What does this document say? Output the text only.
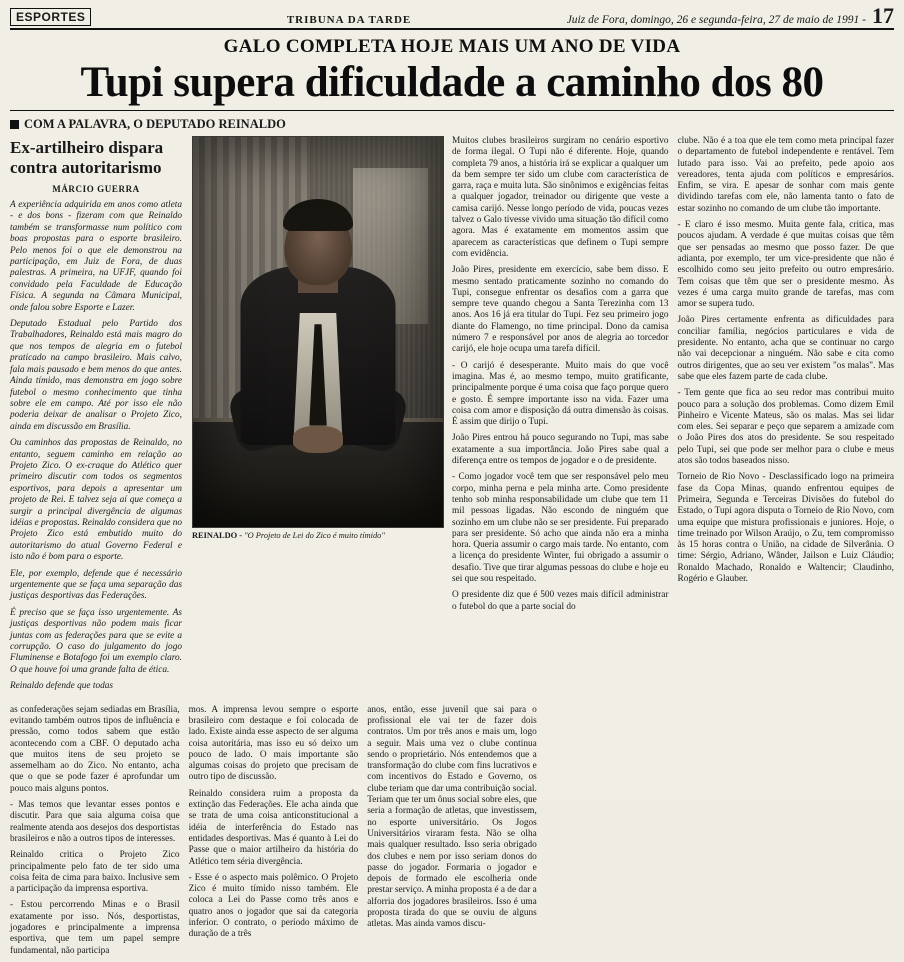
ESPORTES	TRIBUNA DA TARDE	Juiz de Fora, domingo, 26 e segunda-feira, 27 de maio de 1991 - 17
GALO COMPLETA HOJE MAIS UM ANO DE VIDA
Tupi supera dificuldade a caminho dos 80
COM A PALAVRA, O DEPUTADO REINALDO
Ex-artilheiro dispara contra autoritarismo
MÁRCIO GUERRA
A experiência adquirida em anos como atleta - e dos bons - fizeram com que Reinaldo também se transformasse num político com boas propostas para o esporte brasileiro. Pelo menos foi o que ele demonstrou na participação, em Juiz de Fora, de duas palestras. A primeira, na UFJF, quando foi convidado pela Faculdade de Educação Física. A segunda na Câmara Municipal, onde falou sobre Esporte e Lazer.
Deputado Estadual pelo Partido dos Trabalhadores, Reinaldo está mais magro do que nos tempos de alegria em o futebol praticado na campo brasileiro. Mais calvo, fala mais pausado e bem menos do que antes. Ainda tímido, mas demonstra em jogo sobre futebol o mesmo conhecimento que tinha sobre ele em campo. Até por isso ele não poderia deixar de analisar o Projeto Zico, ainda em discussão em Brasília.
Ou caminhos das propostas de Reinaldo, no entanto, seguem caminho em relação ao Projeto Zico. O ex-craque do Atlético quer primeiro discutir com todos os segmentos esportivos, para depois a apresentar um projeto de Rei. E talvez seja aí que começa a surgir a principal divergência de algumas idéias e propostas. Reinaldo considera que no Projeto Zico está embutido muito do autoritarismo do atual Governo Federal e isto não é bom para o esporte.
Ele, por exemplo, defende que é necessário urgentemente que se faça uma separação das justiças desportivas das Federações.
É preciso que se faça isso urgentemente. As justiças desportivas não podem mais ficar juntas com as federações para que se evite a corrupção. O caso do julgamento do jogo Fluminense e Botafogo foi um exemplo claro. O que houve foi uma grande falta de ética.
Reinaldo defende que todas
REINALDO - "O Projeto de Lei do Zico é muito tímido"
Muitos clubes brasileiros surgiram no cenário esportivo de forma ilegal. O Tupi não é diferente. Hoje, quando completa 79 anos, a história irá se explicar a qualquer um da bem sempre ter sido um clube com característica de garra, raça e muita luta. São sinônimos e exigências feitas a qualquer jogador, treinador ou dirigente que veste a camisa carijó. Nesse longo período de vida, poucas vezes talvez o Galo tivesse vivido uma situação tão difícil como agora. Mas é exatamente em momentos assim que aparecem as características que definem o Tupi sempre com evidência.
João Pires, presidente em exercício, sabe bem disso. E mesmo sentado praticamente sozinho no comando do Tupi, consegue enfrentar os desafios com a garra que sempre teve quando chegou a Santa Terezinha com 13 anos. Aos 16 já era titular do Tupi. Fez seu primeiro jogo diante do Flamengo, no time principal. Dono da camisa número 7 e responsável por anos de alegria ao torcedor carijó, ele hoje ocupa uma tarefa difícil.
- O carijó é desesperante. Muito mais do que você imagina. Mas é, ao mesmo tempo, muito gratificante, principalmente porque é uma coisa que faço porque quero e gosto. É sempre importante isso na vida. Fazer uma coisa com amor e disposição dá outra dimensão às coisas. É assim que dirijo o Tupi.
João Pires entrou há pouco segurando no Tupi, mas sabe exatamente a sua importância. João Pires sabe qual a diferença entre os tempos de jogador e o de presidente.
- Como jogador você tem que ser responsável pelo meu corpo, minha perna e pela minha arte. Como presidente tenho sob minha responsabilidade um clube que tem 11 mil pessoas ligadas. Não escondo de ninguém que sozinho em um clube não se ser presidente. Fui preparado para ser presidente. Só acho que ainda não era a minha hora. Queria assumir o cargo mais tarde. No entanto, com a licença do presidente Winter, fui obrigado a assumir o desafio. Tive que tirar algumas pessoas do clube e hoje eu sei que sou respeitado.
O presidente diz que é 500 vezes mais difícil administrar o futebol do que a parte social do
clube. Não é a toa que ele tem como meta principal fazer o departamento de futebol independente e rentável. Tem lutado para isso. Vai ao prefeito, pede apoio aos vereadores, tenta ajuda com políticos e empresários. Enfim, se vira. E apesar de sonhar com mais gente dividindo tarefas com ele, não lamenta tanto o fato de estar sozinho no comando de um clube tão importante.
- E claro é isso mesmo. Muita gente fala, critica, mas poucos ajudam. A verdade é que muitas coisas que têm que ser pensadas ao mesmo que posso fazer. De que adianta, por exemplo, ter um vice-presidente que não é escolhido como seu jeito prefeito ou outro empresário. Tem coisas que têm que ser o presidente mesmo. Às vezes é uma carga muito grande de tarefas, mas com amor se supera tudo.
João Pires certamente enfrenta as dificuldades para conciliar família, negócios particulares e vida de presidente. No entanto, acha que se continuar no cargo não vai decepcionar a ninguém. Não sabe e cita como outros dirigentes, que ao seu ver existem "os malas". Mas sabe que eles fazem parte de cada clube.
- Tem gente que fica ao seu redor mas contribui muito pouco para a solução dos problemas. Como dizem Emil Pinheiro e Vicente Mateus, são os malas. Mas sei lidar com eles. Sei separar e peço que separem a amizade com o João Pires dos atos do presidente. Se sou respeitado pelo Tupi, sei que pode ser melhor para o clube e meus atos são todos baseados nisso.
Torneio de Rio Novo - Desclassificado logo na primeira fase da Copa Minas, quando enfrentou equipes de Primeira, Segunda e Terceiras Divisões do futebol do Estado, o Tupi agora disputa o Torneio de Rio Novo, com uma equipe que mistura profissionais e juniores. Hoje, o time treinado por Wilson Araújo, o Zu, tem compromisso às 15 horas contra o União, na cidade de Silverânia. O time: Sérgio, Adriano, Wânder, Jailson e Luiz Cláudio; Ronaldo Machado, Ronaldo e Waltencir; Claudinho, Rogério e Glauber.
as confederações sejam sediadas em Brasília, evitando também outros tipos de influência e pressão, como todos sabem que estão acontecendo com a CBF. O deputado acha que muitos itens de seu projeto se assemelham ao do Zico. No entanto, acha que o que se pode fazer é aprofundar um pouco mais alguns pontos.
- Mas temos que levantar esses pontos e discutir. Para que saia alguma coisa que realmente atenda aos desejos dos desportistas brasileiros e não a outros tipos de interesses.
Reinaldo critica o Projeto Zico principalmente pelo fato de ter sido uma coisa feita de cima para baixo. Inclusive sem a participação da imprensa esportiva.
- Estou percorrendo Minas e o Brasil exatamente por isso. Nós, desportistas, jogadores e principalmente a imprensa esportiva, que tem um papel sempre fundamental, não participa
mos. A imprensa levou sempre o esporte brasileiro com destaque e foi colocada de lado. Existe ainda esse aspecto de ser alguma coisa autoritária, mas isso eu só deixo um pouco de lado. O mais importante são algumas coisas do projeto que precisam de outro tipo de discussão.
Reinaldo considera ruim a proposta da extinção das Federações. Ele acha ainda que se trata de uma coisa anticonstitucional a idéia de interferência do Estado nas entidades desportivas. Mas é quanto à Lei do Passe que o maior artilheiro da história do Atlético tem séria divergência.
- Esse é o aspecto mais polêmico. O Projeto Zico é muito tímido nisso também. Ele coloca a Lei do Passe como três anos e quatro anos o jogador que sai da categoria inferior. O contrato, o período máximo de duração de a três
anos, então, esse juvenil que sai para o profissional ele vai ter de fazer dois contratos. Um por três anos e mais um, logo a seguir. Mais uma vez o clube continua sendo o proprietário. Nós entendemos que a transformação do clube com fins lucrativos e com incentivos do Estado e Governo, os clube teriam que dar uma contribuição social. Teriam que ter um ônus social sobre eles, que seria a formação de atletas, que investissem, no esporte universitário. Os Jogos Universitários viraram festa. Não se olha mais qualquer resultado. Isso seria obrigado dos clubes e nem por isso seriam donos do passe do jogador. Formaria o jogador e depois de formado ele escolheria onde prestar serviço. A minha proposta é a de dar a alforria dos jogadores brasileiros. Isso é uma proposta tirada do que se ouviu de alguns atletas. Mas ainda vamos discu-
